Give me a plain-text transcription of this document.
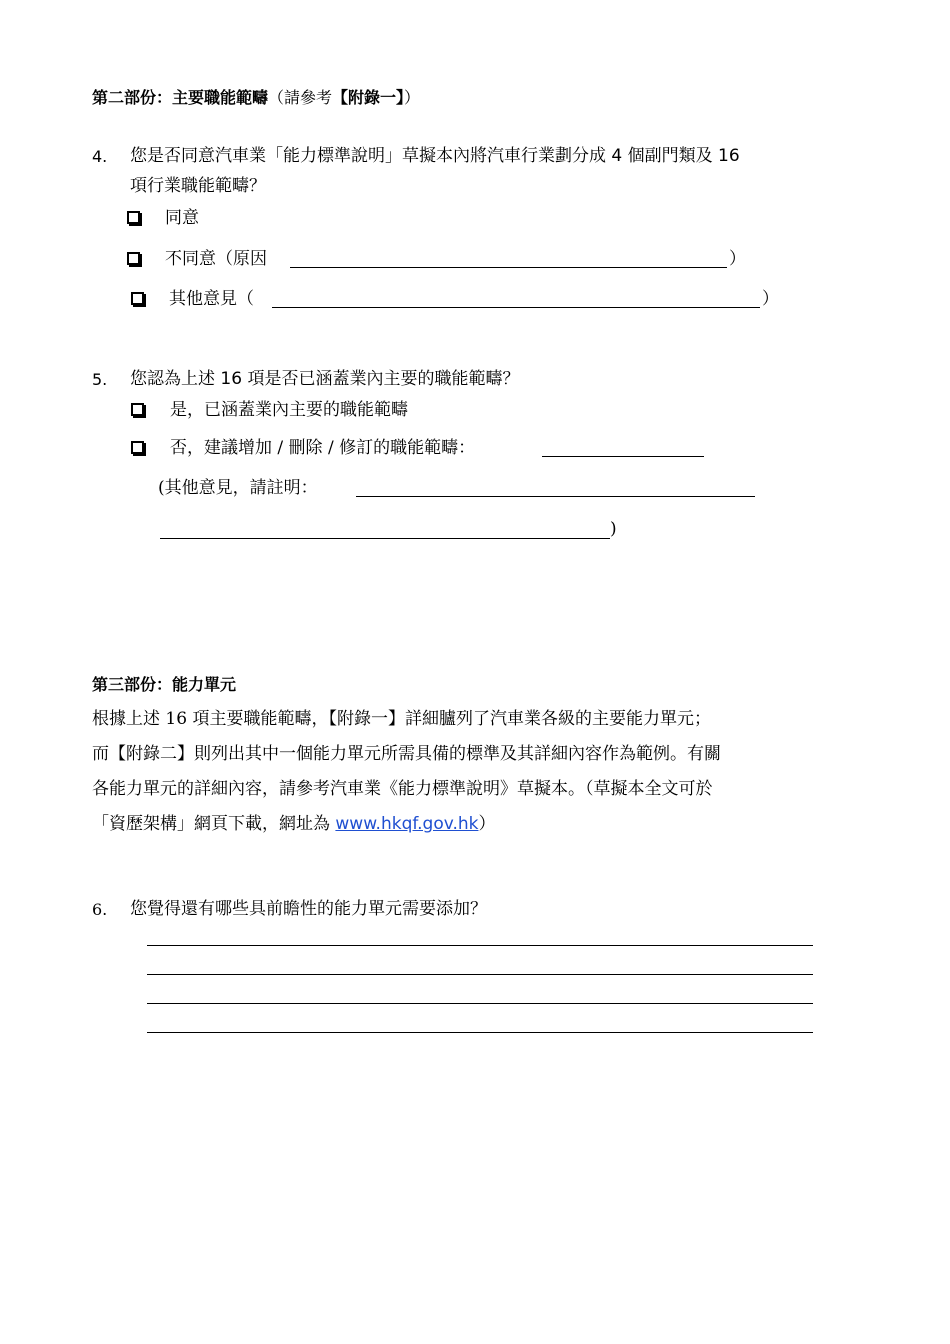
第二部份：主要職能範疇（請參考【附錄一】）
4. 您是否同意汽車業「能力標準說明」草擬本內將汽車行業劃分成 4 個副門類及 16
項行業職能範疇？
同意
不同意（原因	）
其他意見（	）
5. 您認為上述 16 項是否已涵蓋業內主要的職能範疇？
是，已涵蓋業內主要的職能範疇
否，建議增加 / 刪除 / 修訂的職能範疇：
(其他意見，請註明：
)
第三部份：能力單元
根據上述 16 項主要職能範疇，【附錄一】詳細臚列了汽車業各級的主要能力單元；
而【附錄二】則列出其中一個能力單元所需具備的標準及其詳細內容作為範例。有關
各能力單元的詳細內容，請參考汽車業《能力標準說明》草擬本。（草擬本全文可於
「資歷架構」網頁下載，網址為 www.hkqf.gov.hk）
6. 您覺得還有哪些具前瞻性的能力單元需要添加？
